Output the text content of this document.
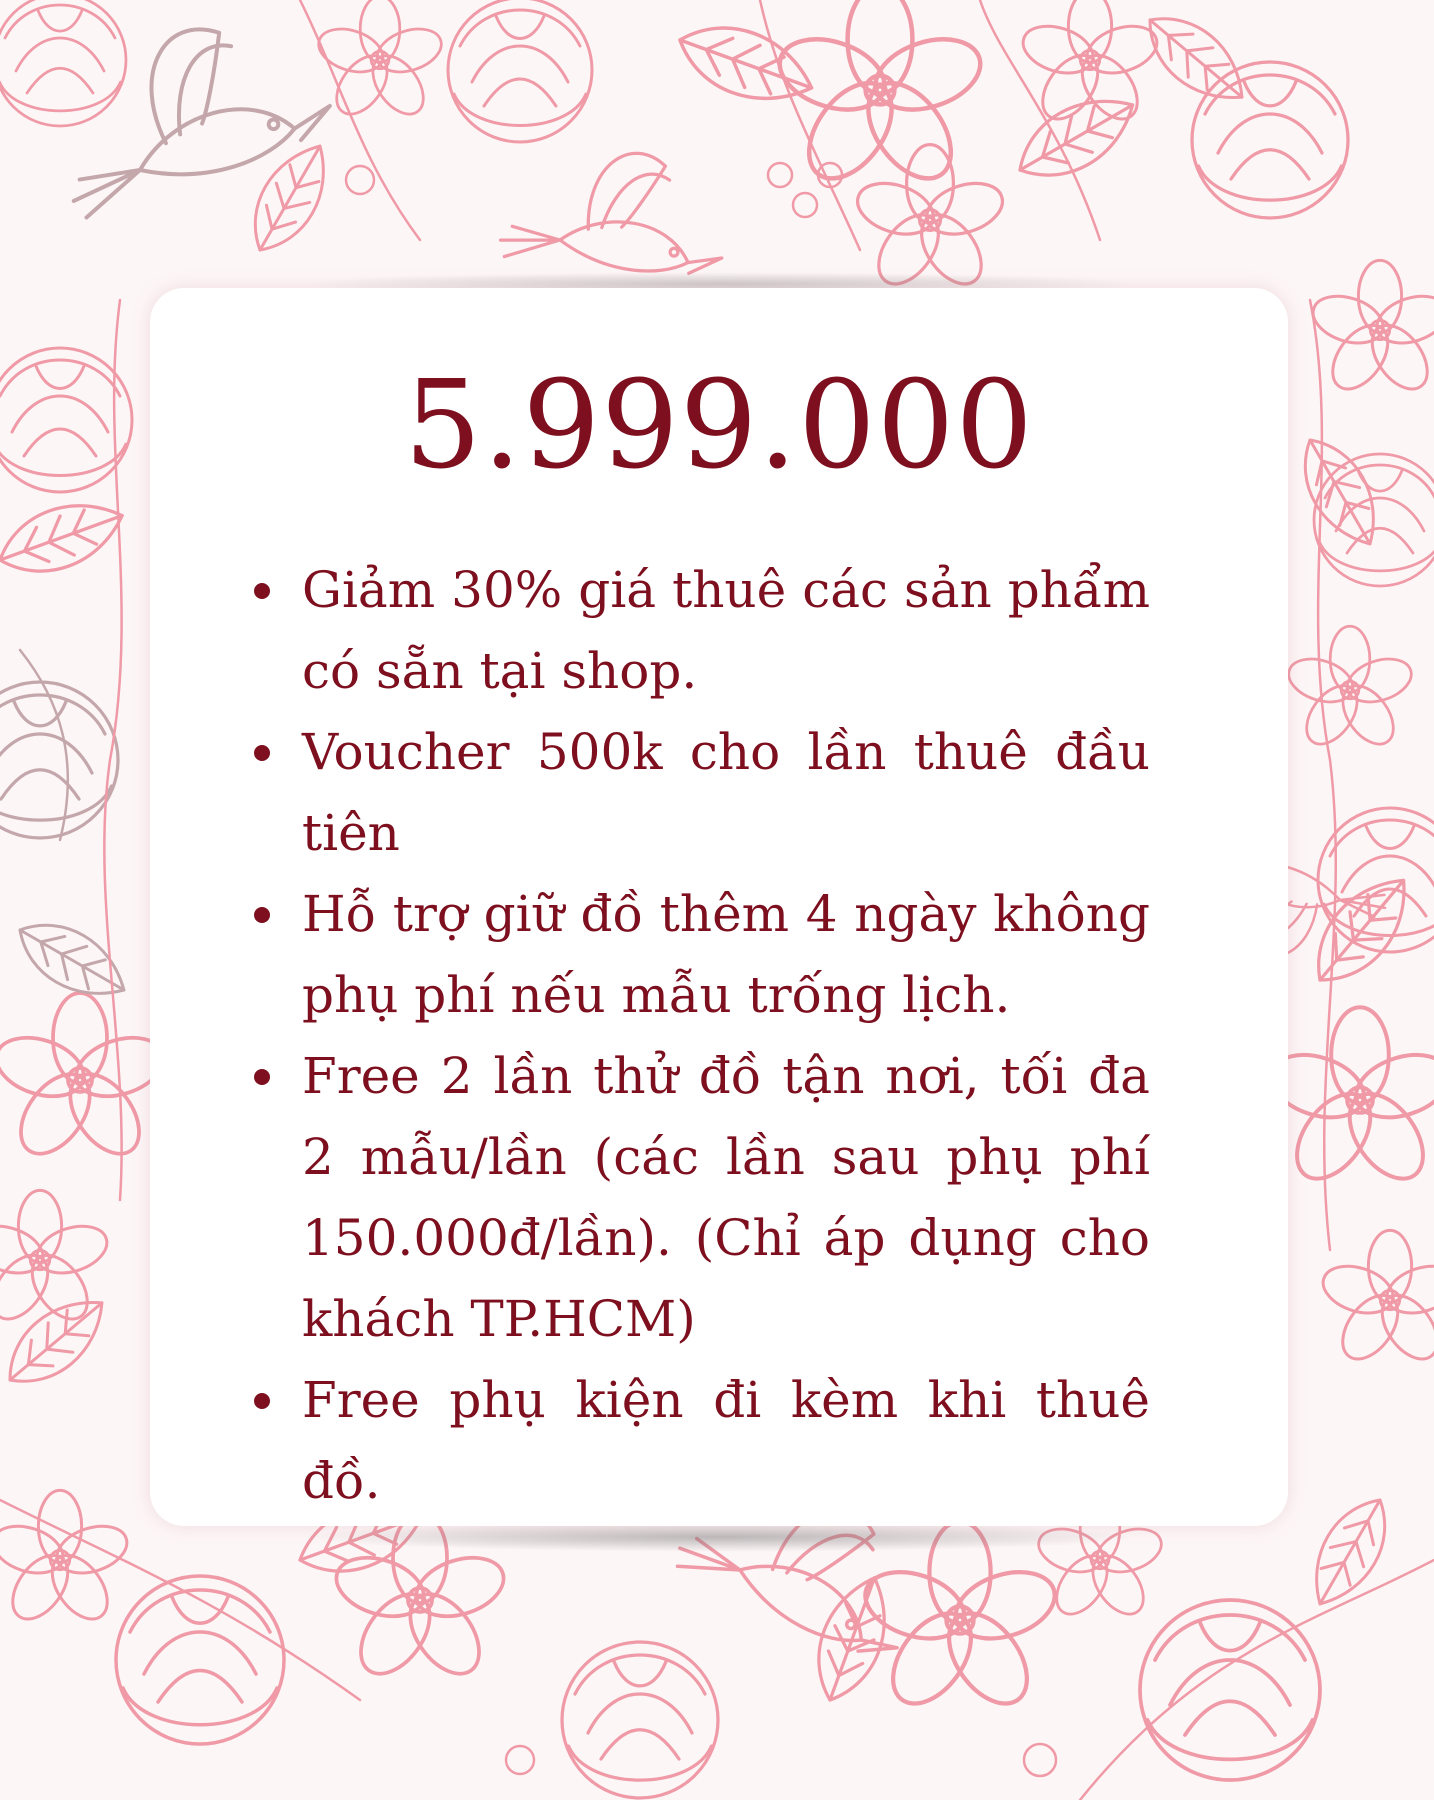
5.999.000
Giảm 30% giá thuê các sản phẩm có sẵn tại shop.
Voucher 500k cho lần thuê đầu tiên
Hỗ trợ giữ đồ thêm 4 ngày không phụ phí nếu mẫu trống lịch.
Free 2 lần thử đồ tận nơi, tối đa 2 mẫu/lần (các lần sau phụ phí 150.000đ/lần). (Chỉ áp dụng cho khách TP.HCM)
Free phụ kiện đi kèm khi thuê đồ.
